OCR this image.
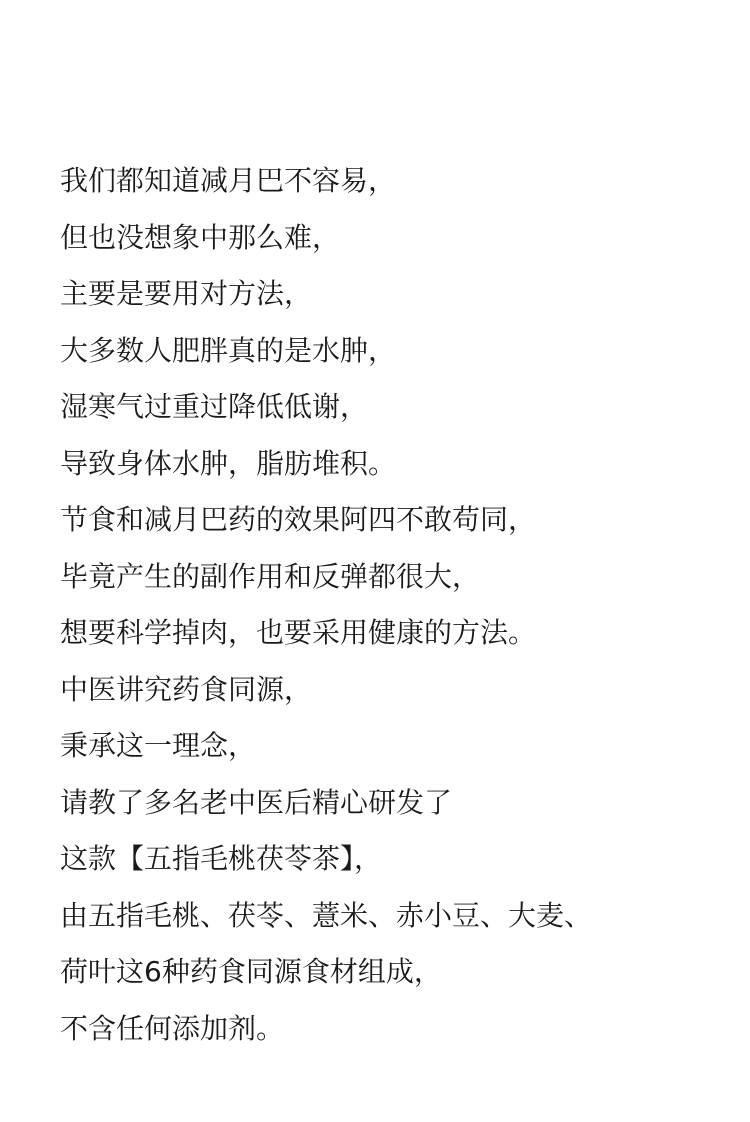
我们都知道减月巴不容易，
但也没想象中那么难，
主要是要用对方法，
大多数人肥胖真的是水肿，
湿寒气过重过降低低谢，
导致身体水肿，脂肪堆积。
节食和减月巴药的效果阿四不敢苟同，
毕竟产生的副作用和反弹都很大，
想要科学掉肉，也要采用健康的方法。
中医讲究药食同源，
秉承这一理念，
请教了多名老中医后精心研发了
这款【五指毛桃茯苓茶】，
由五指毛桃、茯苓、薏米、赤小豆、大麦、
荷叶这6种药食同源食材组成，
不含任何添加剂。
